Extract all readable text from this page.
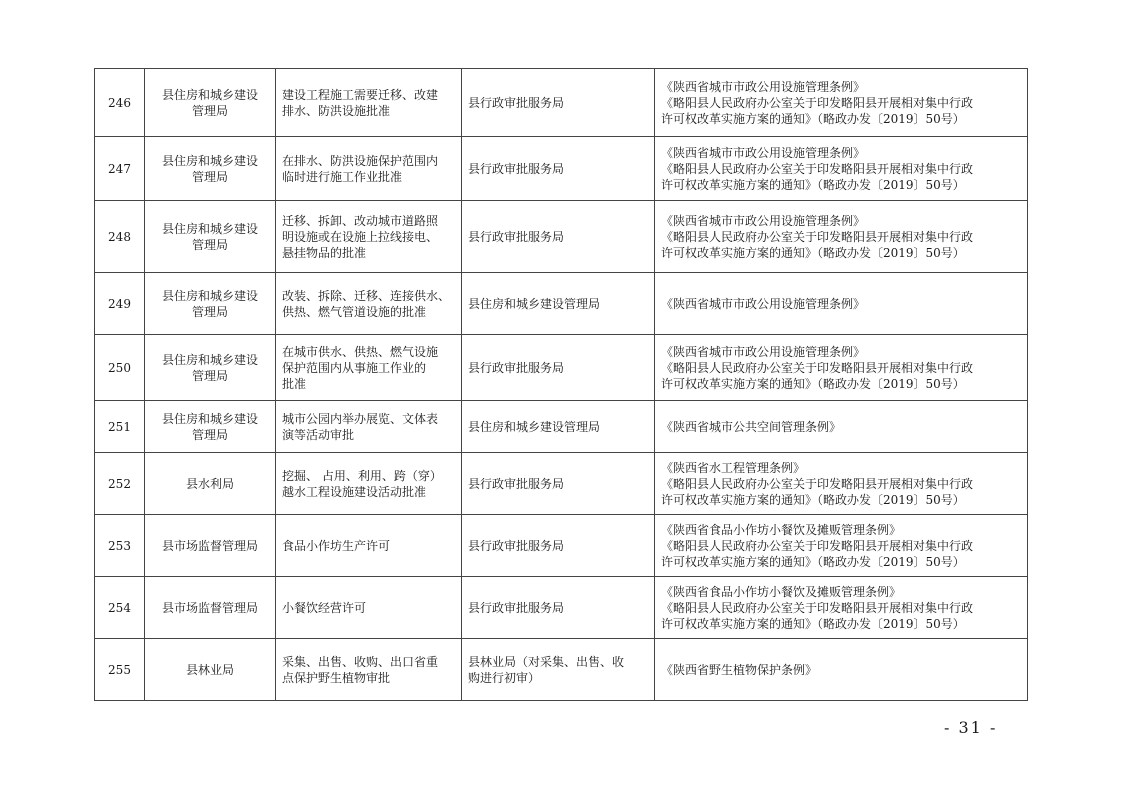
246	县住房和城乡建设
管理局	建设工程施工需要迁移、改建
排水、防洪设施批准	县行政审批服务局	《陕西省城市市政公用设施管理条例》
《略阳县人民政府办公室关于印发略阳县开展相对集中行政
许可权改革实施方案的通知》（略政办发〔2019〕50号）

247	县住房和城乡建设
管理局	在排水、防洪设施保护范围内
临时进行施工作业批准	县行政审批服务局	《陕西省城市市政公用设施管理条例》
《略阳县人民政府办公室关于印发略阳县开展相对集中行政
许可权改革实施方案的通知》（略政办发〔2019〕50号）

248	县住房和城乡建设
管理局	迁移、拆卸、改动城市道路照
明设施或在设施上拉线接电、
悬挂物品的批准	县行政审批服务局	《陕西省城市市政公用设施管理条例》
《略阳县人民政府办公室关于印发略阳县开展相对集中行政
许可权改革实施方案的通知》（略政办发〔2019〕50号）

249	县住房和城乡建设
管理局	改装、拆除、迁移、连接供水、
供热、燃气管道设施的批准	县住房和城乡建设管理局	《陕西省城市市政公用设施管理条例》

250	县住房和城乡建设
管理局	在城市供水、供热、燃气设施
保护范围内从事施工作业的
批准	县行政审批服务局	《陕西省城市市政公用设施管理条例》
《略阳县人民政府办公室关于印发略阳县开展相对集中行政
许可权改革实施方案的通知》（略政办发〔2019〕50号）

251	县住房和城乡建设
管理局	城市公园内举办展览、文体表
演等活动审批	县住房和城乡建设管理局	《陕西省城市公共空间管理条例》

252	县水利局	挖掘、 占用、利用、跨（穿）
越水工程设施建设活动批准	县行政审批服务局	《陕西省水工程管理条例》
《略阳县人民政府办公室关于印发略阳县开展相对集中行政
许可权改革实施方案的通知》（略政办发〔2019〕50号）

253	县市场监督管理局	食品小作坊生产许可	县行政审批服务局	《陕西省食品小作坊小餐饮及摊贩管理条例》
《略阳县人民政府办公室关于印发略阳县开展相对集中行政
许可权改革实施方案的通知》（略政办发〔2019〕50号）

254	县市场监督管理局	小餐饮经营许可	县行政审批服务局	《陕西省食品小作坊小餐饮及摊贩管理条例》
《略阳县人民政府办公室关于印发略阳县开展相对集中行政
许可权改革实施方案的通知》（略政办发〔2019〕50号）

255	县林业局	采集、出售、收购、出口省重
点保护野生植物审批	县林业局（对采集、出售、收
购进行初审）	《陕西省野生植物保护条例》
- 31 -
